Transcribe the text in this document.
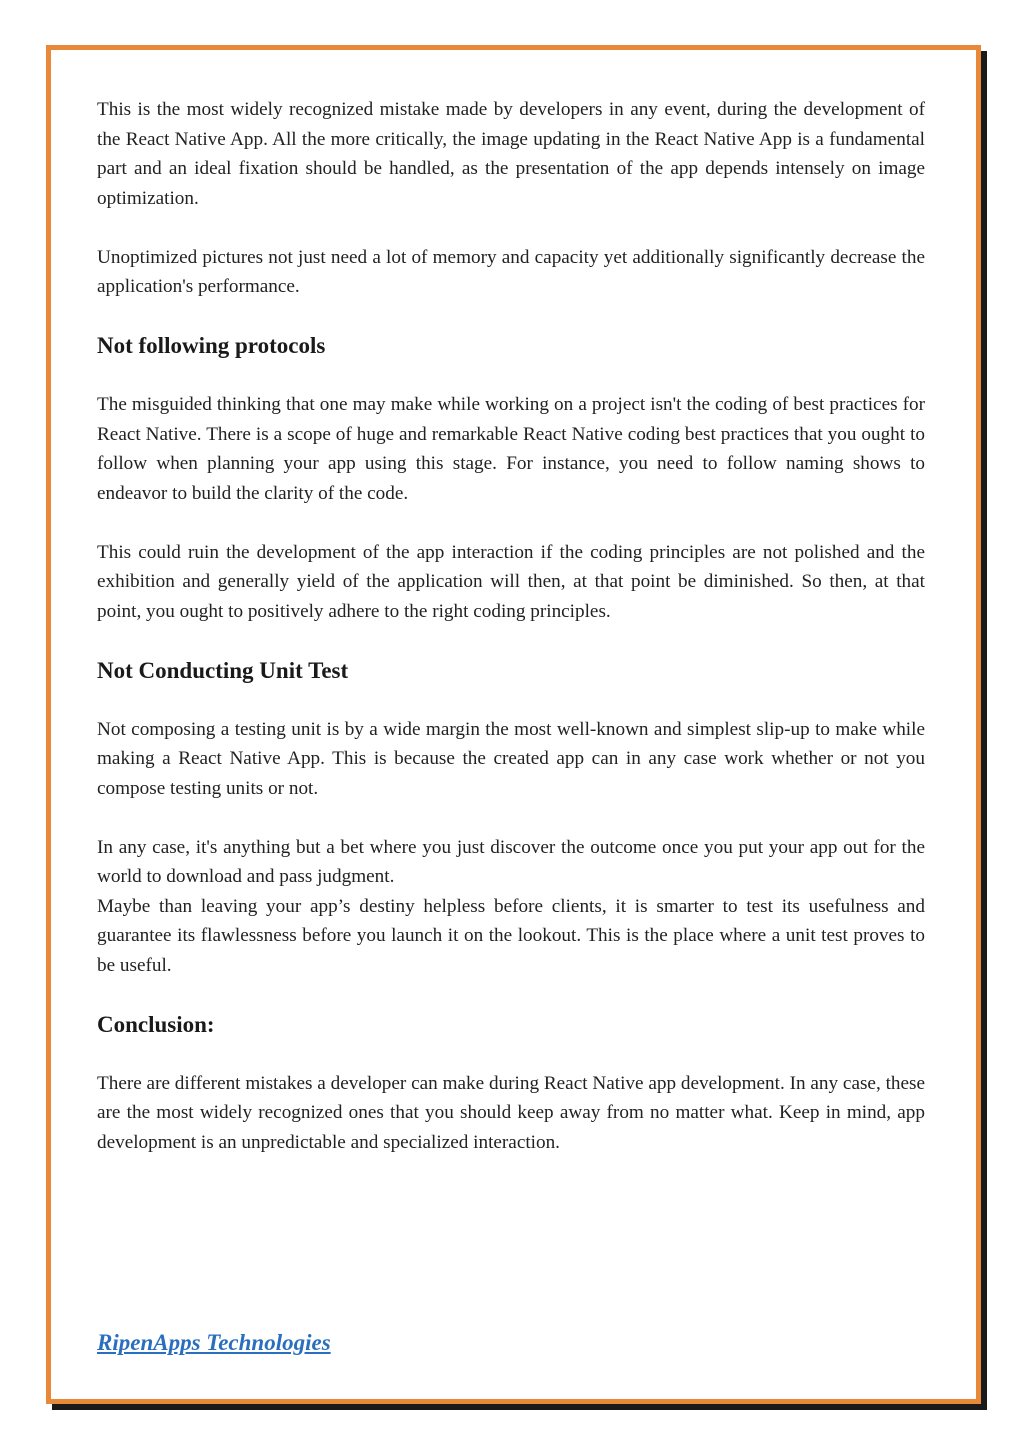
This is the most widely recognized mistake made by developers in any event, during the development of the React Native App. All the more critically, the image updating in the React Native App is a fundamental part and an ideal fixation should be handled, as the presentation of the app depends intensely on image optimization.

Unoptimized pictures not just need a lot of memory and capacity yet additionally significantly decrease the application's performance.

Not following protocols

The misguided thinking that one may make while working on a project isn't the coding of best practices for React Native. There is a scope of huge and remarkable React Native coding best practices that you ought to follow when planning your app using this stage. For instance, you need to follow naming shows to endeavor to build the clarity of the code.

This could ruin the development of the app interaction if the coding principles are not polished and the exhibition and generally yield of the application will then, at that point be diminished. So then, at that point, you ought to positively adhere to the right coding principles.

Not Conducting Unit Test

Not composing a testing unit is by a wide margin the most well-known and simplest slip-up to make while making a React Native App. This is because the created app can in any case work whether or not you compose testing units or not.

In any case, it's anything but a bet where you just discover the outcome once you put your app out for the world to download and pass judgment.

Maybe than leaving your app’s destiny helpless before clients, it is smarter to test its usefulness and guarantee its flawlessness before you launch it on the lookout. This is the place where a unit test proves to be useful.

Conclusion:

There are different mistakes a developer can make during React Native app development. In any case, these are the most widely recognized ones that you should keep away from no matter what. Keep in mind, app development is an unpredictable and specialized interaction.

RipenApps Technologies
